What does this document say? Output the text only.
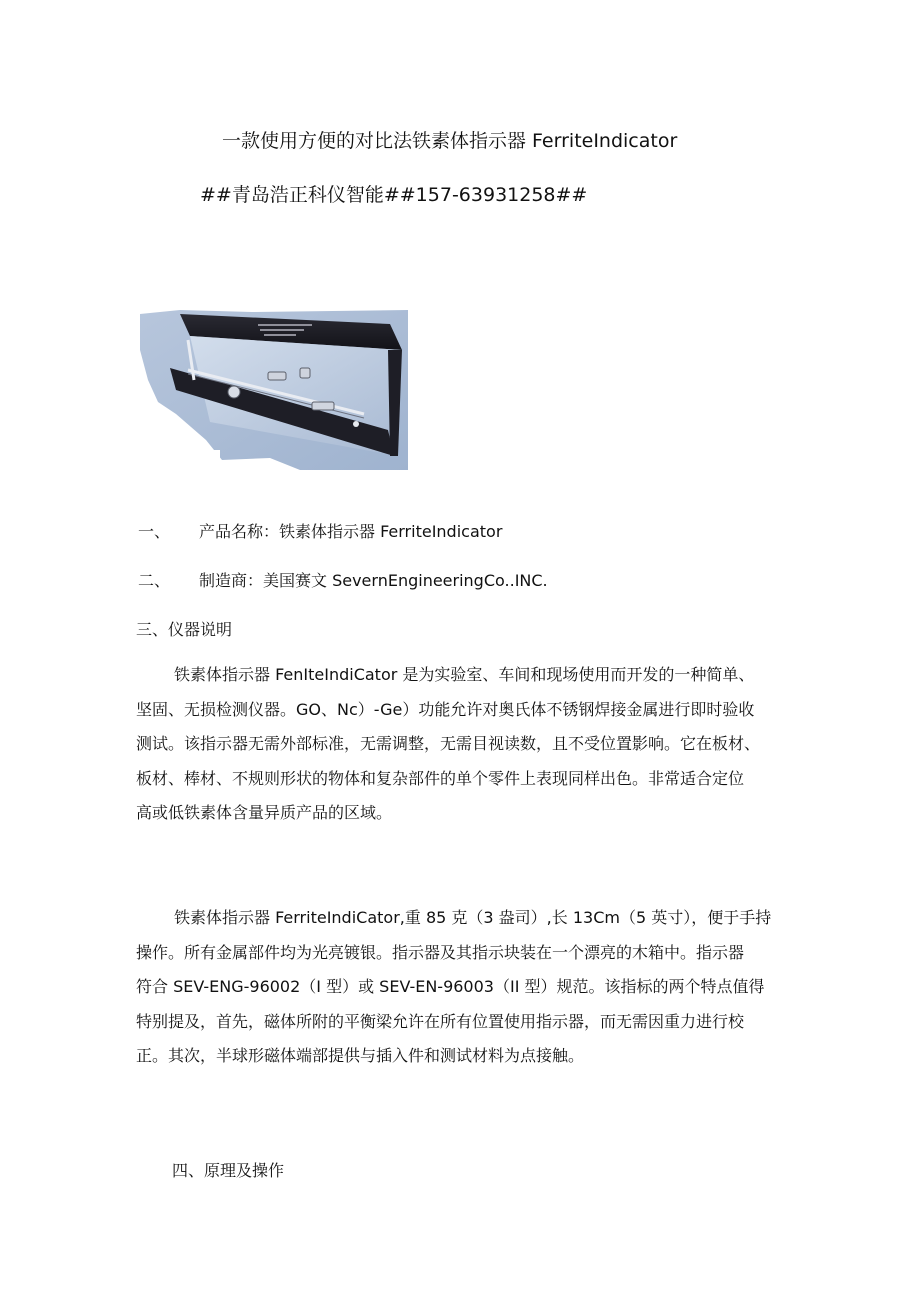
一款使用方便的对比法铁素体指示器 FerriteIndicator
##青岛浩正科仪智能##157-63931258##
一、 产品名称：铁素体指示器 FerriteIndicator
二、 制造商：美国赛文 SevernEngineeringCo..INC.
三、仪器说明
铁素体指示器 FenIteIndiCator 是为实验室、车间和现场使用而开发的一种简单、
坚固、无损检测仪器。GO、Nc）-Ge）功能允许对奥氏体不锈钢焊接金属进行即时验收
测试。该指示器无需外部标准，无需调整，无需目视读数，且不受位置影响。它在板材、
板材、棒材、不规则形状的物体和复杂部件的单个零件上表现同样出色。非常适合定位
高或低铁素体含量异质产品的区域。
铁素体指示器 FerriteIndiCator,重 85 克（3 盎司）,长 13Cm（5 英寸），便于手持
操作。所有金属部件均为光亮镀银。指示器及其指示块装在一个漂亮的木箱中。指示器
符合 SEV-ENG-96002（I 型）或 SEV-EN-96003（II 型）规范。该指标的两个特点值得
特别提及，首先，磁体所附的平衡梁允许在所有位置使用指示器，而无需因重力进行校
正。其次，半球形磁体端部提供与插入件和测试材料为点接触。
四、原理及操作
